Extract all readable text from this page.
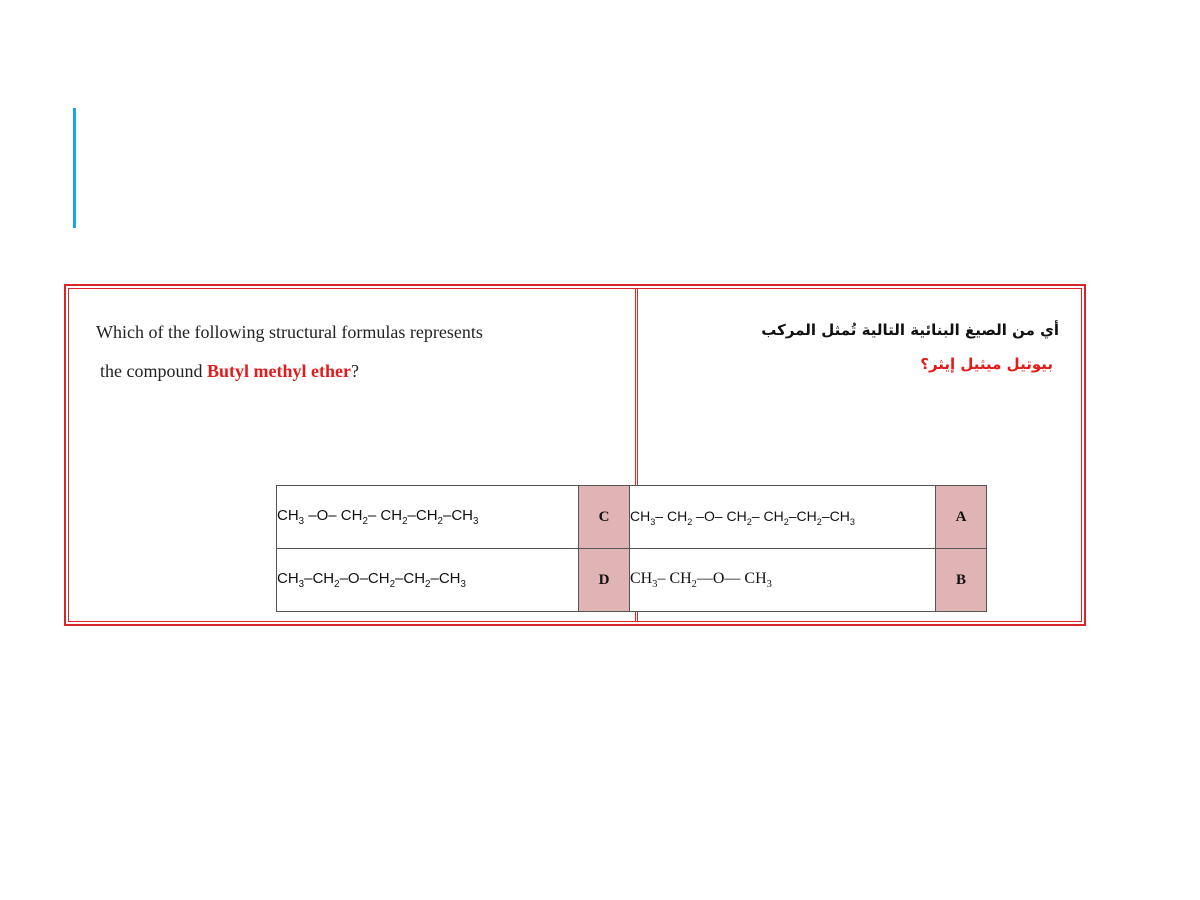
Which of the following structural formulas represents
the compound Butyl methyl ether?
أي من الصيغ البنائية التالية تُمثل المركب
بيوتيل ميثيل إيثر؟
$CH_3$ –O– $CH_2-$ $CH_2-CH_2-CH_3$	C	$CH_3-$ $CH_2$ –O– $CH_2-$ $CH_2-CH_2-CH_3$	A
$CH_3-CH_2-O-CH_2-CH_2-CH_3$	D	$CH_3-$ $CH_2—O—$ $CH_3$	B
